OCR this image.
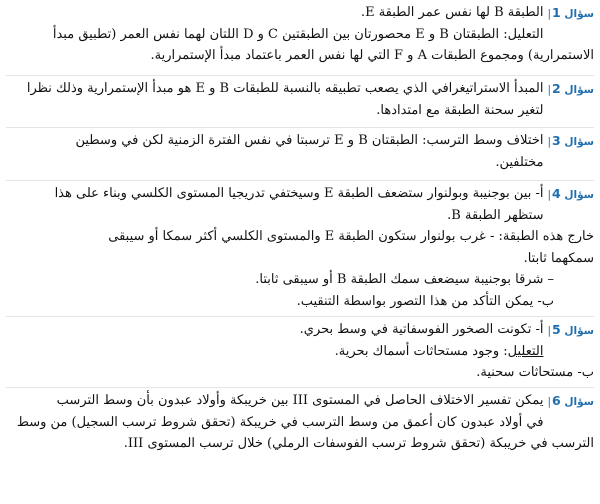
سؤال 1|
الطبقة B لها نفس عمر الطبقة E.
التعليل: الطبقتان B و E محصورتان بين الطبقتين C و D اللتان لهما نفس العمر (تطبيق مبدأ
الاستمرارية) ومجموع الطبقات A و F التي لها نفس العمر باعتماد مبدأ الإستمرارية.
سؤال 2|
المبدأ الاستراتيغرافي الذي يصعب تطبيقه بالنسبة للطبقات B و E هو مبدأ الإستمرارية وذلك نظرا
لتغير سحنة الطبقة مع امتدادها.
سؤال 3|
اختلاف وسط الترسب: الطبقتان B و E ترسبتا في نفس الفترة الزمنية لكن في وسطين
مختلفين.
سؤال 4|
أ- بين بوجنيبة وبولنوار ستضعف الطبقة E وسيختفي تدريجيا المستوى الكلسي وبناء على هذا
ستظهر الطبقة B.
خارج هذه الطبقة: - غرب بولنوار ستكون الطبقة E والمستوى الكلسي أكثر سمكا أو سيبقى
سمكهما ثابتا.
– شرقا بوجنيبة سيضعف سمك الطبقة B أو سيبقى ثابتا.
ب- يمكن التأكد من هذا التصور بواسطة التنقيب.
سؤال 5|
أ- تكونت الصخور الفوسفاتية في وسط بحري.
التعليل: وجود مستحاثات أسماك بحرية.
ب- مستحاثات سحنية.
سؤال 6|
يمكن تفسير الاختلاف الحاصل في المستوى III بين خريبكة وأولاد عبدون بأن وسط الترسب
في أولاد عبدون كان أعمق من وسط الترسب في خريبكة (تحقق شروط ترسب السجيل) من وسط
الترسب في خريبكة (تحقق شروط ترسب الفوسفات الرملي) خلال ترسب المستوى III.
